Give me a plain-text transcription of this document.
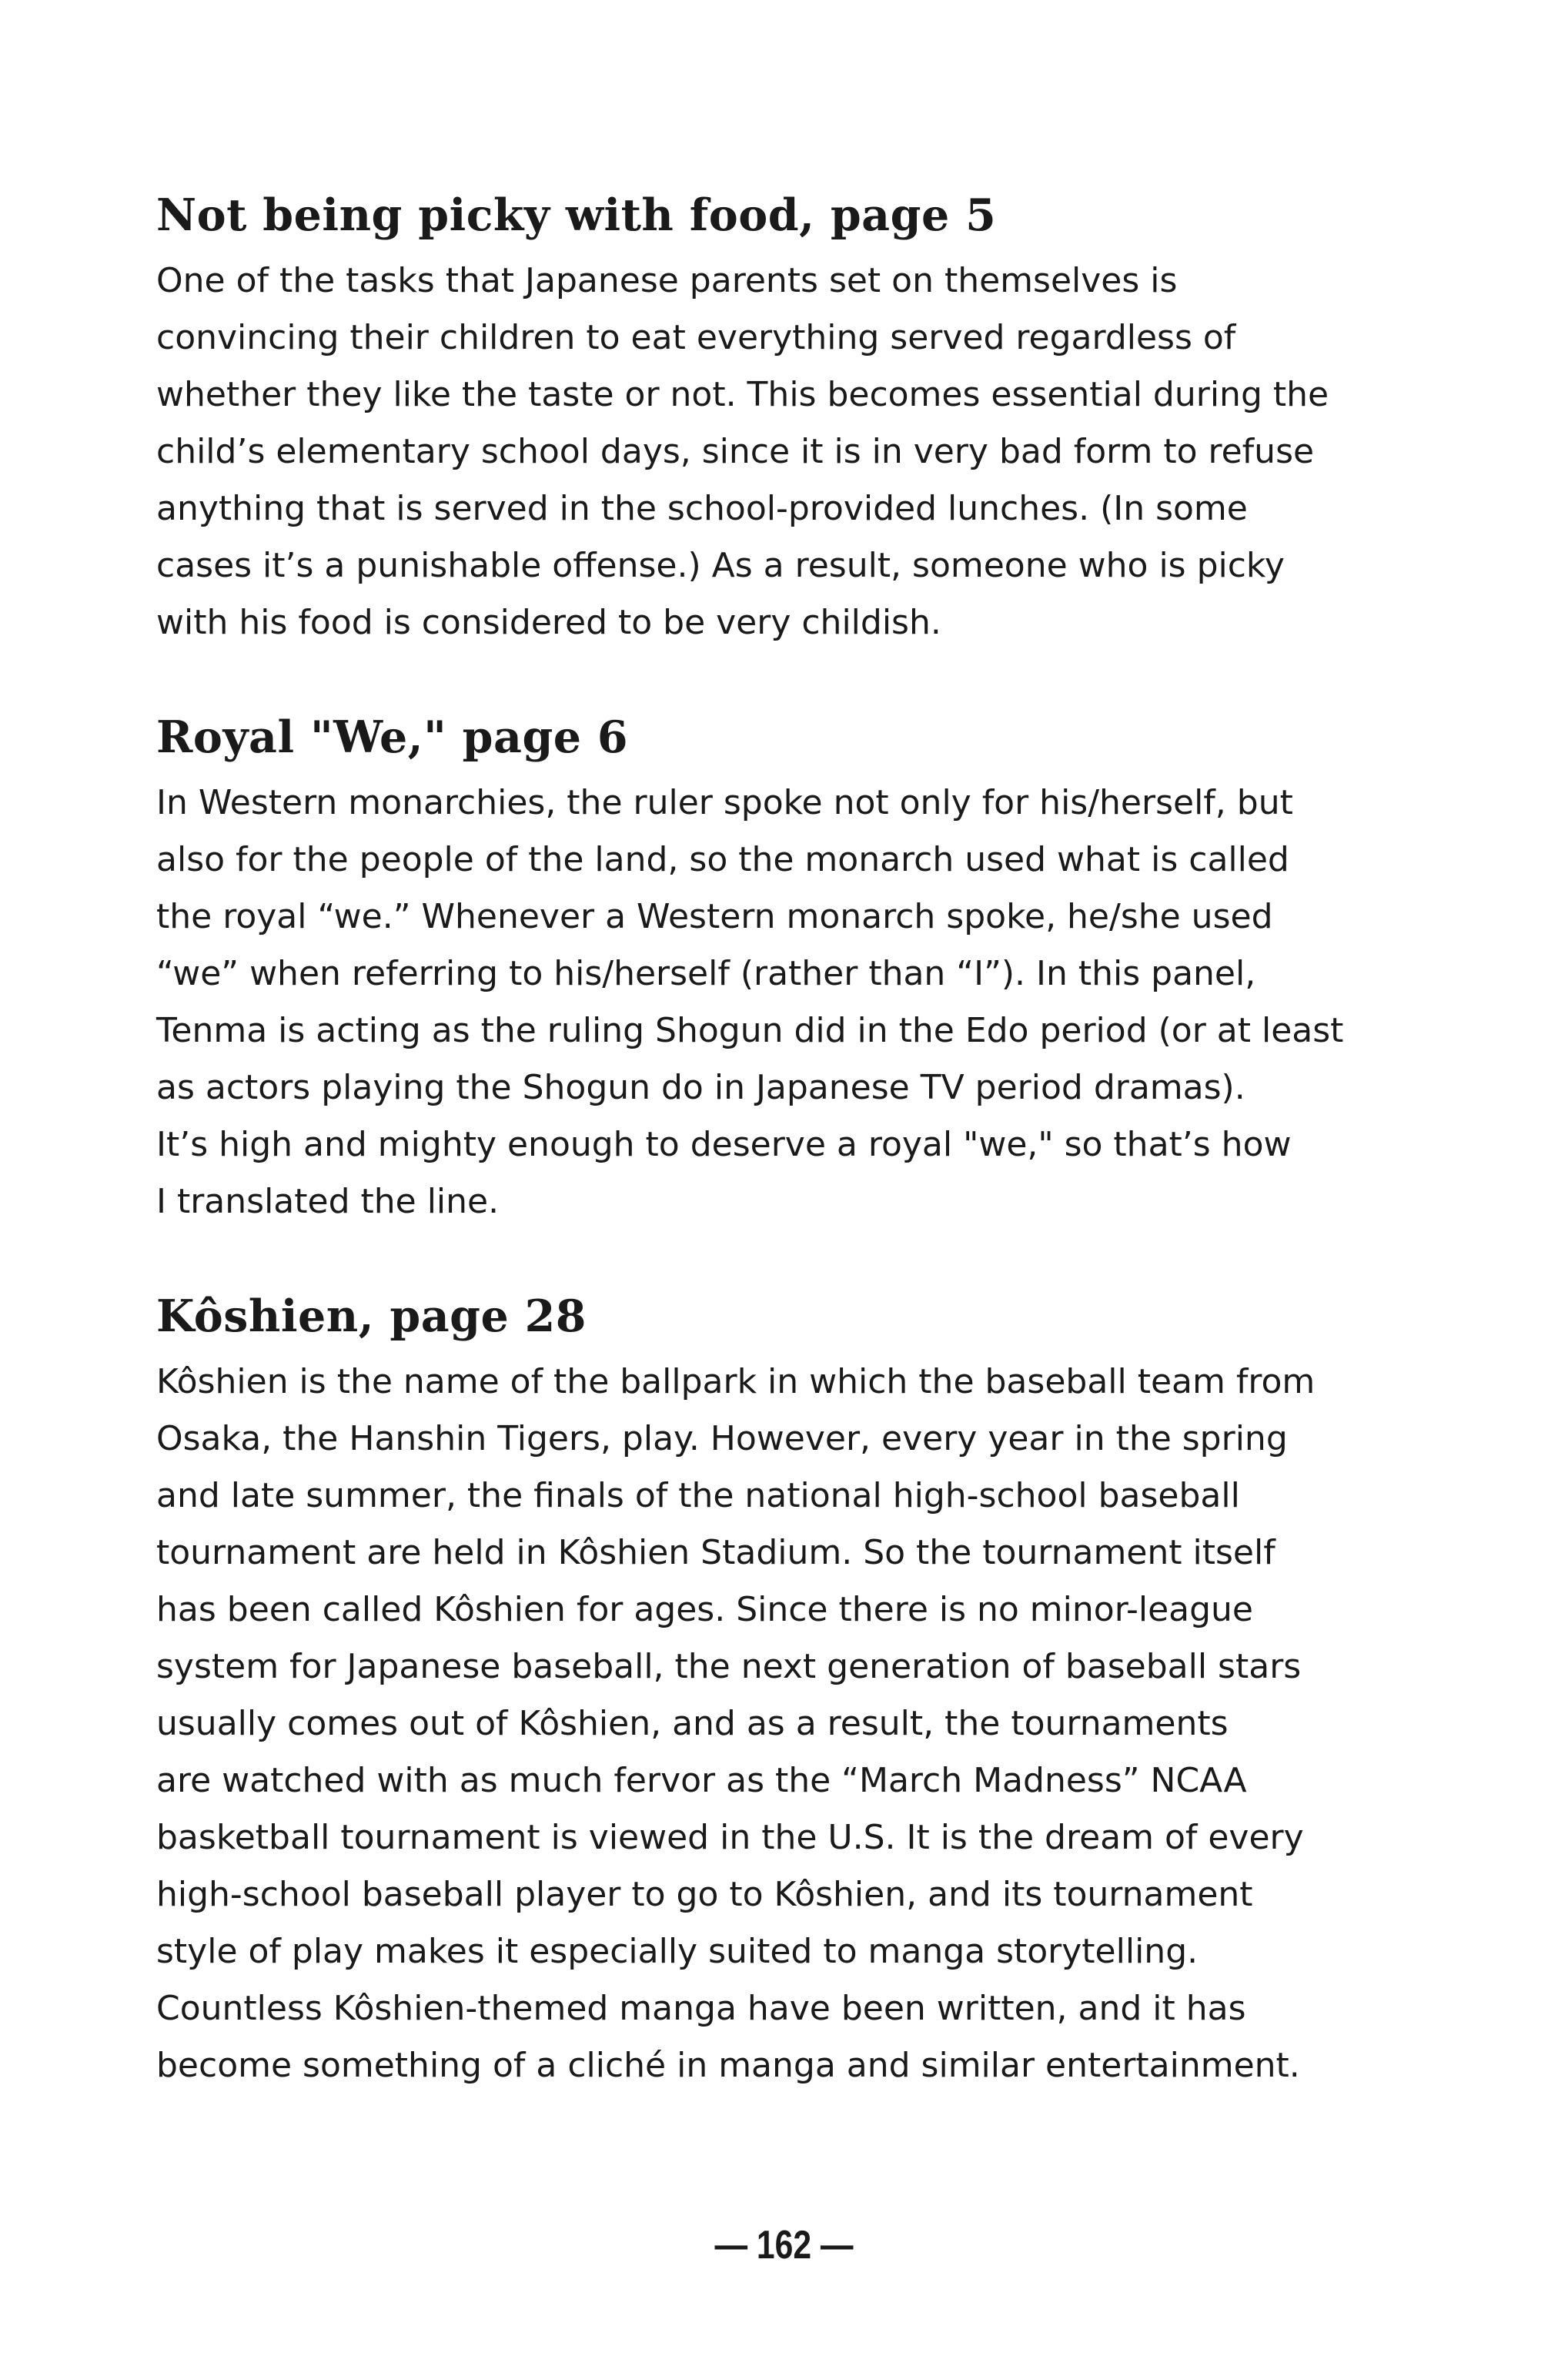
Not being picky with food, page 5

One of the tasks that Japanese parents set on themselves is
convincing their children to eat everything served regardless of
whether they like the taste or not. This becomes essential during the
child’s elementary school days, since it is in very bad form to refuse
anything that is served in the school-provided lunches. (In some
cases it’s a punishable offense.) As a result, someone who is picky
with his food is considered to be very childish.

Royal "We," page 6

In Western monarchies, the ruler spoke not only for his/herself, but
also for the people of the land, so the monarch used what is called
the royal “we.” Whenever a Western monarch spoke, he/she used
“we” when referring to his/herself (rather than “I”). In this panel,
Tenma is acting as the ruling Shogun did in the Edo period (or at least
as actors playing the Shogun do in Japanese TV period dramas).
It’s high and mighty enough to deserve a royal "we," so that’s how
I translated the line.

Kôshien, page 28

Kôshien is the name of the ballpark in which the baseball team from
Osaka, the Hanshin Tigers, play. However, every year in the spring
and late summer, the finals of the national high-school baseball
tournament are held in Kôshien Stadium. So the tournament itself
has been called Kôshien for ages. Since there is no minor-league
system for Japanese baseball, the next generation of baseball stars
usually comes out of Kôshien, and as a result, the tournaments
are watched with as much fervor as the “March Madness” NCAA
basketball tournament is viewed in the U.S. It is the dream of every
high-school baseball player to go to Kôshien, and its tournament
style of play makes it especially suited to manga storytelling.
Countless Kôshien-themed manga have been written, and it has
become something of a cliché in manga and similar entertainment.

— 162 —
